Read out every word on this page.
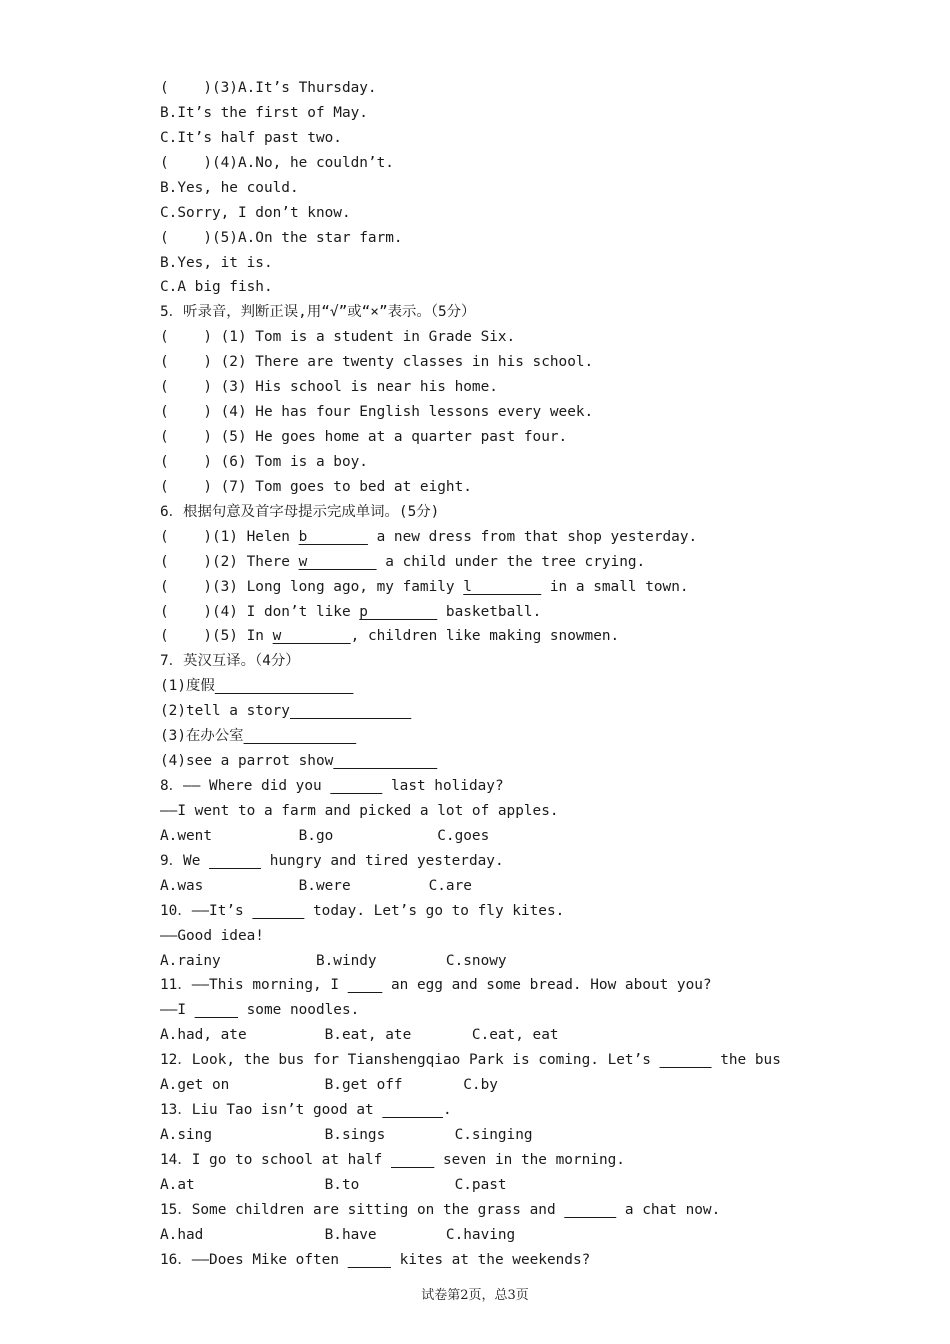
(    )(3)A.It’s Thursday.
B.It’s the first of May.
C.It’s half past two.
(    )(4)A.No, he couldn’t.
B.Yes, he could.
C.Sorry, I don’t know.
(    )(5)A.On the star farm.
B.Yes, it is.
C.A big fish.
5．听录音，判断正误,用“√”或“×”表示。（5分）
(    ) (1) Tom is a student in Grade Six.
(    ) (2) There are twenty classes in his school.
(    ) (3) His school is near his home.
(    ) (4) He has four English lessons every week.
(    ) (5) He goes home at a quarter past four.
(    ) (6) Tom is a boy.
(    ) (7) Tom goes to bed at eight.
6．根据句意及首字母提示完成单词。(5分)
(    )(1) Helen b        a new dress from that shop yesterday.
(    )(2) There w         a child under the tree crying.
(    )(3) Long long ago, my family l         in a small town.
(    )(4) I don’t like p         basketball.
(    )(5) In w        , children like making snowmen.
7．英汉互译。（4分）
(1)度假
(2)tell a story
(3)在办公室
(4)see a parrot show
8．—— Where did you	last holiday?
——I went to a farm and picked a lot of apples.
A.went          B.go            C.goes
9．We	hungry and tired yesterday.
A.was           B.were         C.are
10．——It’s	today. Let’s go to fly kites.
——Good idea!
A.rainy           B.windy        C.snowy
11．——This morning, I      an egg and some bread. How about you?
——I	some noodles.
A.had, ate         B.eat, ate       C.eat, eat
12．Look, the bus for Tianshengqiao Park is coming. Let’s	the bus
A.get on           B.get off       C.by
13．Liu Tao isn’t good at	.
A.sing             B.sings        C.singing
14．I go to school at half	seven in the morning.
A.at               B.to           C.past
15．Some children are sitting on the grass and	a chat now.
A.had              B.have        C.having
16．——Does Mike often	kites at the weekends?
试卷第2页，总3页
